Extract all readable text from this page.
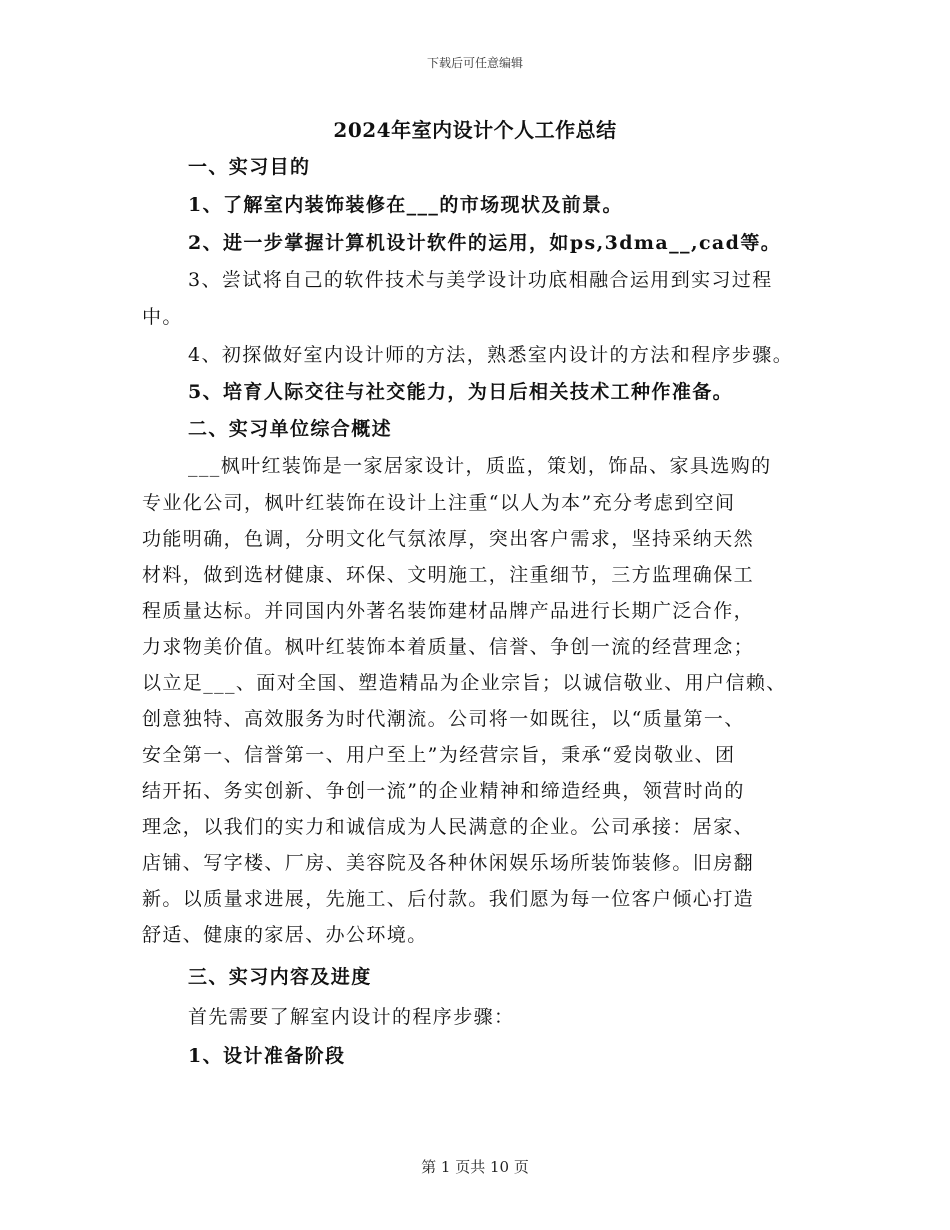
下载后可任意编辑
2024年室内设计个人工作总结
一、实习目的
1、了解室内装饰装修在___的市场现状及前景。
2、进一步掌握计算机设计软件的运用，如ps,3dma__,cad等。
3、尝试将自己的软件技术与美学设计功底相融合运用到实习过程
中。
4、初探做好室内设计师的方法，熟悉室内设计的方法和程序步骤。
5、培育人际交往与社交能力，为日后相关技术工种作准备。
二、实习单位综合概述
___枫叶红装饰是一家居家设计，质监，策划，饰品、家具选购的
专业化公司，枫叶红装饰在设计上注重“以人为本”充分考虑到空间
功能明确，色调，分明文化气氛浓厚，突出客户需求，坚持采纳天然
材料，做到选材健康、环保、文明施工，注重细节，三方监理确保工
程质量达标。并同国内外著名装饰建材品牌产品进行长期广泛合作，
力求物美价值。枫叶红装饰本着质量、信誉、争创一流的经营理念；
以立足___、面对全国、塑造精品为企业宗旨；以诚信敬业、用户信赖、
创意独特、高效服务为时代潮流。公司将一如既往，以“质量第一、
安全第一、信誉第一、用户至上”为经营宗旨，秉承“爱岗敬业、团
结开拓、务实创新、争创一流”的企业精神和缔造经典，领营时尚的
理念，以我们的实力和诚信成为人民满意的企业。公司承接：居家、
店铺、写字楼、厂房、美容院及各种休闲娱乐场所装饰装修。旧房翻
新。以质量求进展，先施工、后付款。我们愿为每一位客户倾心打造
舒适、健康的家居、办公环境。
三、实习内容及进度
首先需要了解室内设计的程序步骤：
1、设计准备阶段
第 1 页共 10 页
